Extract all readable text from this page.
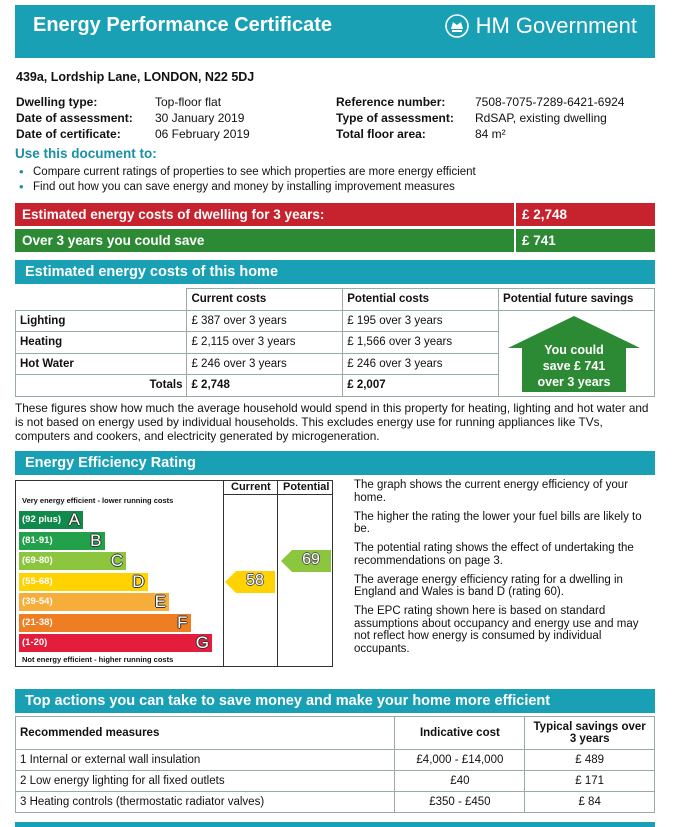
Energy Performance Certificate	HM Government
439a, Lordship Lane, LONDON, N22 5DJ
Dwelling type:	Top-floor flat
Date of assessment: 30 January 2019
Date of certificate:	06 February 2019
Reference number: 7508-7075-7289-6421-6924
Type of assessment: RdSAP, existing dwelling
Total floor area:	84 m²
Use this document to:
• Compare current ratings of properties to see which properties are more energy efficient
• Find out how you can save energy and money by installing improvement measures
Estimated energy costs of dwelling for 3 years:	£ 2,748
Over 3 years you could save	£ 741
Estimated energy costs of this home
	Current costs	Potential costs	Potential future savings
Lighting	£ 387 over 3 years	£ 195 over 3 years	
Heating	£ 2,115 over 3 years	£ 1,566 over 3 years	
Hot Water	£ 246 over 3 years	£ 246 over 3 years	
Totals	£ 2,748	£ 2,007	
You could
save £ 741
over 3 years
These figures show how much the average household would spend in this property for heating, lighting and hot water and is not based on energy used by individual households. This excludes energy use for running appliances like TVs, computers and cookers, and electricity generated by microgeneration.
Energy Efficiency Rating
Current Potential
Very energy efficient - lower running costs
Not energy efficient - higher running costs
(92 plus) A
(81-91) B
(69-80)	C
(55-68)	D
(39-54)	E
(21-38)	F
(1-20)	G
58
69

The graph shows the current energy efficiency of your home.

The higher the rating the lower your fuel bills are likely to be.

The potential rating shows the effect of undertaking the recommendations on page 3.

The average energy efficiency rating for a dwelling in England and Wales is band D (rating 60).

The EPC rating shown here is based on standard assumptions about occupancy and energy use and may not reflect how energy is consumed by individual occupants.

Top actions you can take to save money and make your home more efficient
Recommended measures	Indicative cost	Typical savings over 3 years
1 Internal or external wall insulation	£4,000 - £14,000	£ 489
2 Low energy lighting for all fixed outlets	£40	£ 171
3 Heating controls (thermostatic radiator valves)	£350 - £450	£ 84
